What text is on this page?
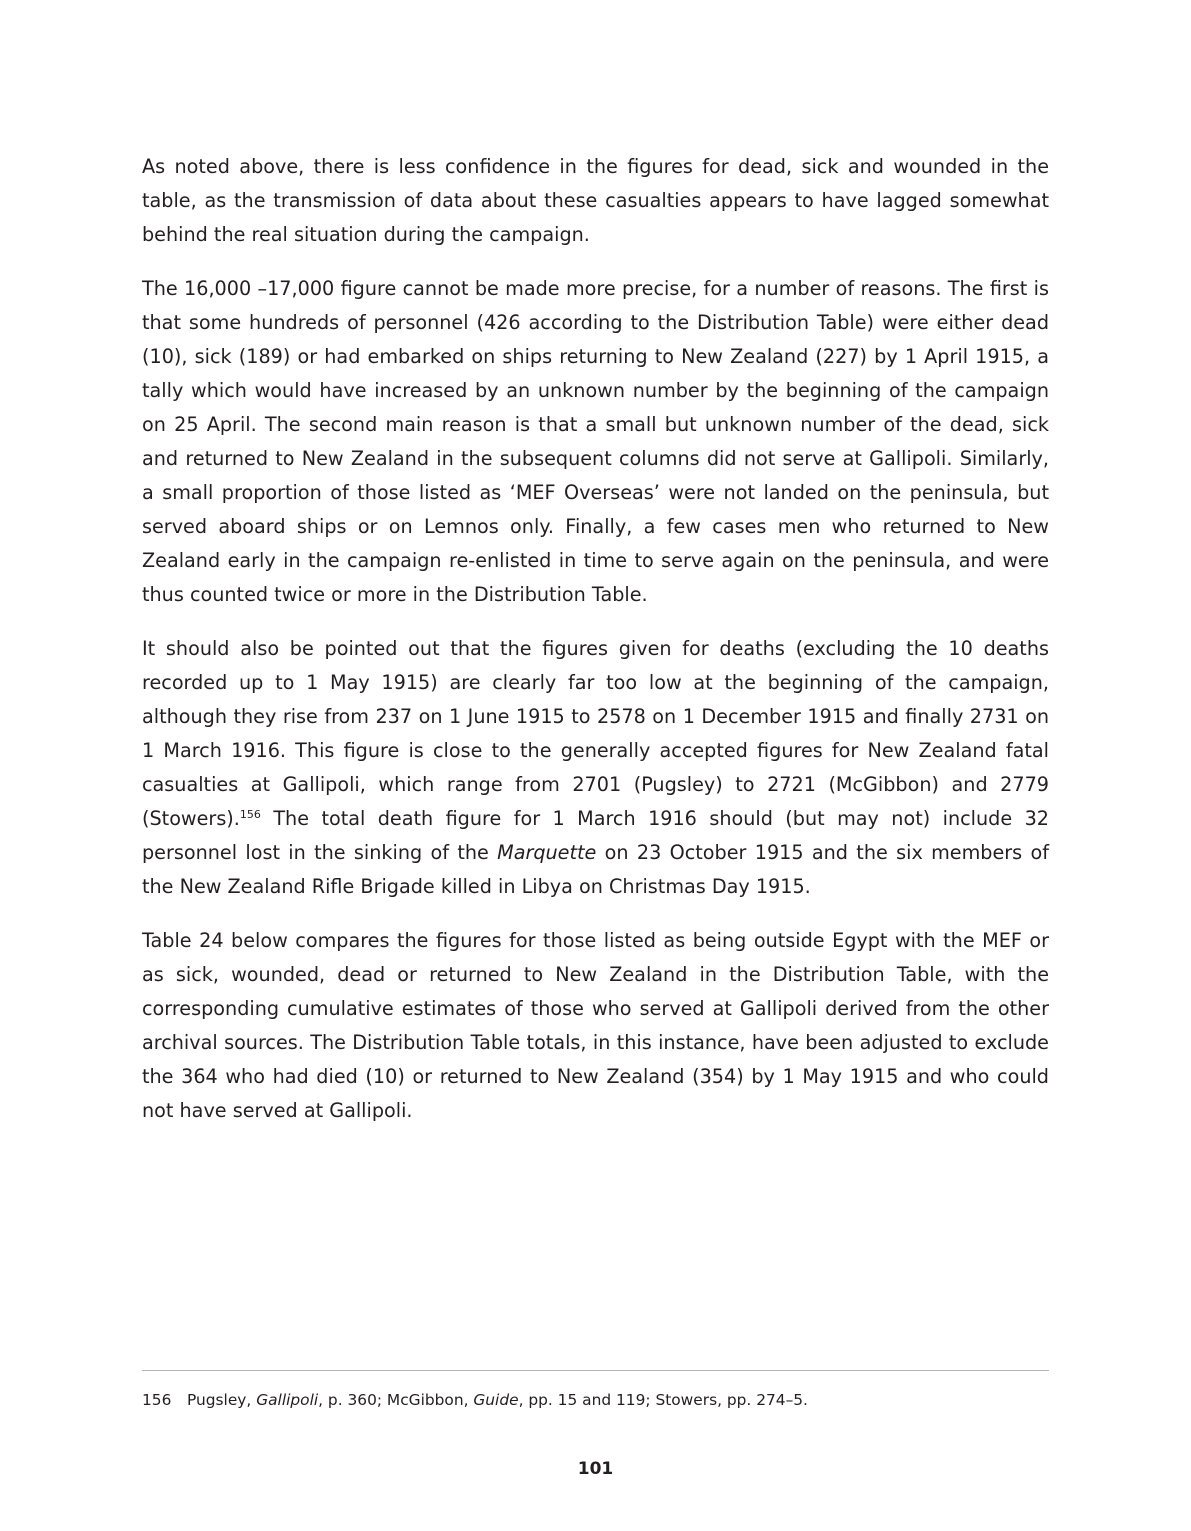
As noted above, there is less confidence in the figures for dead, sick and wounded in the table, as the transmission of data about these casualties appears to have lagged somewhat behind the real situation during the campaign.

The 16,000 –17,000 figure cannot be made more precise, for a number of reasons. The first is that some hundreds of personnel (426 according to the Distribution Table) were either dead (10), sick (189) or had embarked on ships returning to New Zealand (227) by 1 April 1915, a tally which would have increased by an unknown number by the beginning of the campaign on 25 April. The second main reason is that a small but unknown number of the dead, sick and returned to New Zealand in the subsequent columns did not serve at Gallipoli. Similarly, a small proportion of those listed as ‘MEF Overseas’ were not landed on the peninsula, but served aboard ships or on Lemnos only. Finally, a few cases men who returned to New Zealand early in the campaign re-enlisted in time to serve again on the peninsula, and were thus counted twice or more in the Distribution Table.

It should also be pointed out that the figures given for deaths (excluding the 10 deaths recorded up to 1 May 1915) are clearly far too low at the beginning of the campaign, although they rise from 237 on 1 June 1915 to 2578 on 1 December 1915 and finally 2731 on 1 March 1916. This figure is close to the generally accepted figures for New Zealand fatal casualties at Gallipoli, which range from 2701 (Pugsley) to 2721 (McGibbon) and 2779 (Stowers).$^{156}$ The total death figure for 1 March 1916 should (but may not) include 32 personnel lost in the sinking of the Marquette on 23 October 1915 and the six members of the New Zealand Rifle Brigade killed in Libya on Christmas Day 1915.

Table 24 below compares the figures for those listed as being outside Egypt with the MEF or as sick, wounded, dead or returned to New Zealand in the Distribution Table, with the corresponding cumulative estimates of those who served at Gallipoli derived from the other archival sources. The Distribution Table totals, in this instance, have been adjusted to exclude the 364 who had died (10) or returned to New Zealand (354) by 1 May 1915 and who could not have served at Gallipoli.

156 Pugsley, Gallipoli, p. 360; McGibbon, Guide, pp. 15 and 119; Stowers, pp. 274–5.
101
